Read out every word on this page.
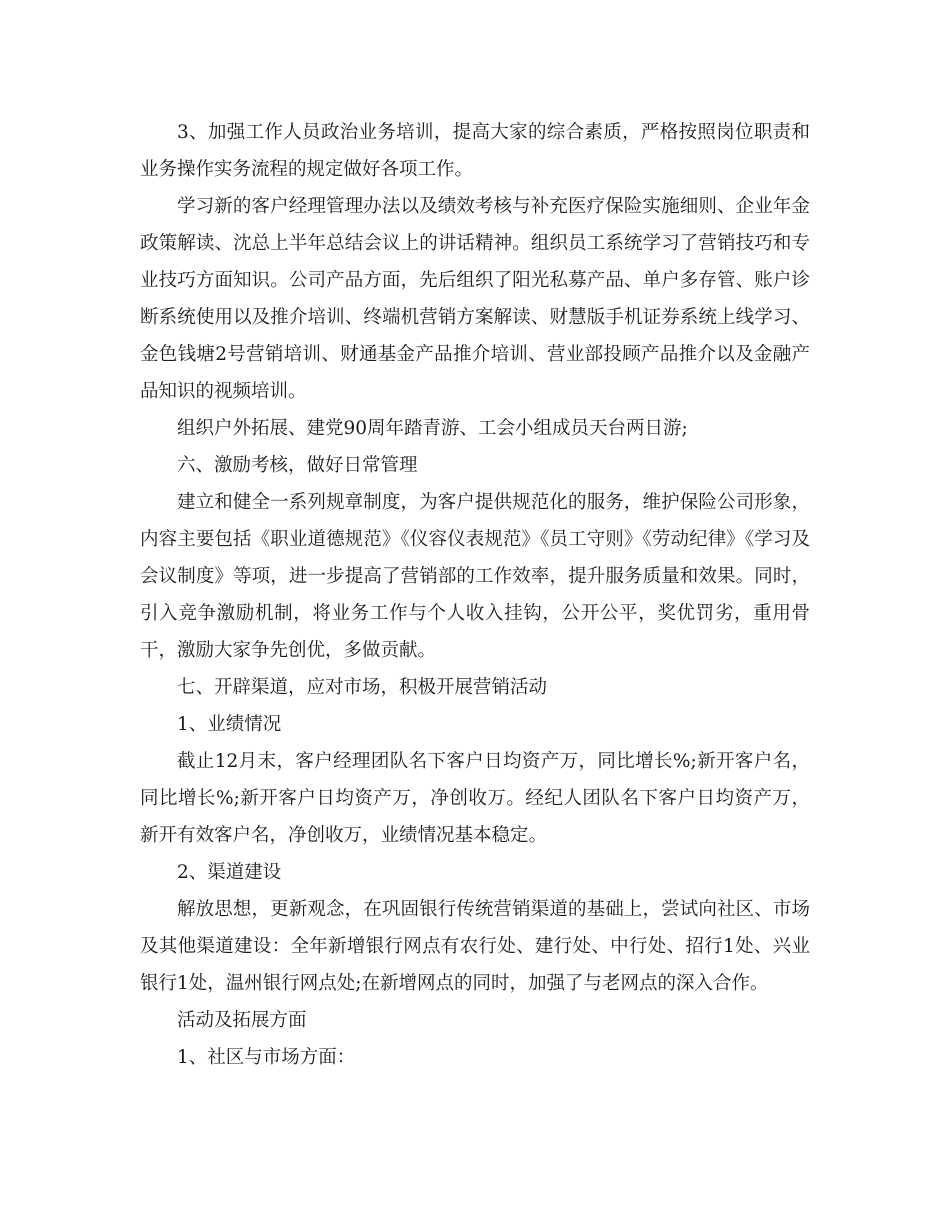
3、加强工作人员政治业务培训，提高大家的综合素质，严格按照岗位职责和业务操作实务流程的规定做好各项工作。

学习新的客户经理管理办法以及绩效考核与补充医疗保险实施细则、企业年金政策解读、沈总上半年总结会议上的讲话精神。组织员工系统学习了营销技巧和专业技巧方面知识。公司产品方面，先后组织了阳光私募产品、单户多存管、账户诊断系统使用以及推介培训、终端机营销方案解读、财慧版手机证券系统上线学习、金色钱塘2号营销培训、财通基金产品推介培训、营业部投顾产品推介以及金融产品知识的视频培训。

组织户外拓展、建党90周年踏青游、工会小组成员天台两日游;

六、激励考核，做好日常管理

建立和健全一系列规章制度，为客户提供规范化的服务，维护保险公司形象，内容主要包括《职业道德规范》《仪容仪表规范》《员工守则》《劳动纪律》《学习及会议制度》等项，进一步提高了营销部的工作效率，提升服务质量和效果。同时，引入竞争激励机制，将业务工作与个人收入挂钩，公开公平，奖优罚劣，重用骨干，激励大家争先创优，多做贡献。

七、开辟渠道，应对市场，积极开展营销活动

1、业绩情况

截止12月末，客户经理团队名下客户日均资产万，同比增长%;新开客户名，同比增长%;新开客户日均资产万，净创收万。经纪人团队名下客户日均资产万，新开有效客户名，净创收万，业绩情况基本稳定。

2、渠道建设

解放思想，更新观念，在巩固银行传统营销渠道的基础上，尝试向社区、市场及其他渠道建设：全年新增银行网点有农行处、建行处、中行处、招行1处、兴业银行1处，温州银行网点处;在新增网点的同时，加强了与老网点的深入合作。

活动及拓展方面

1、社区与市场方面：
